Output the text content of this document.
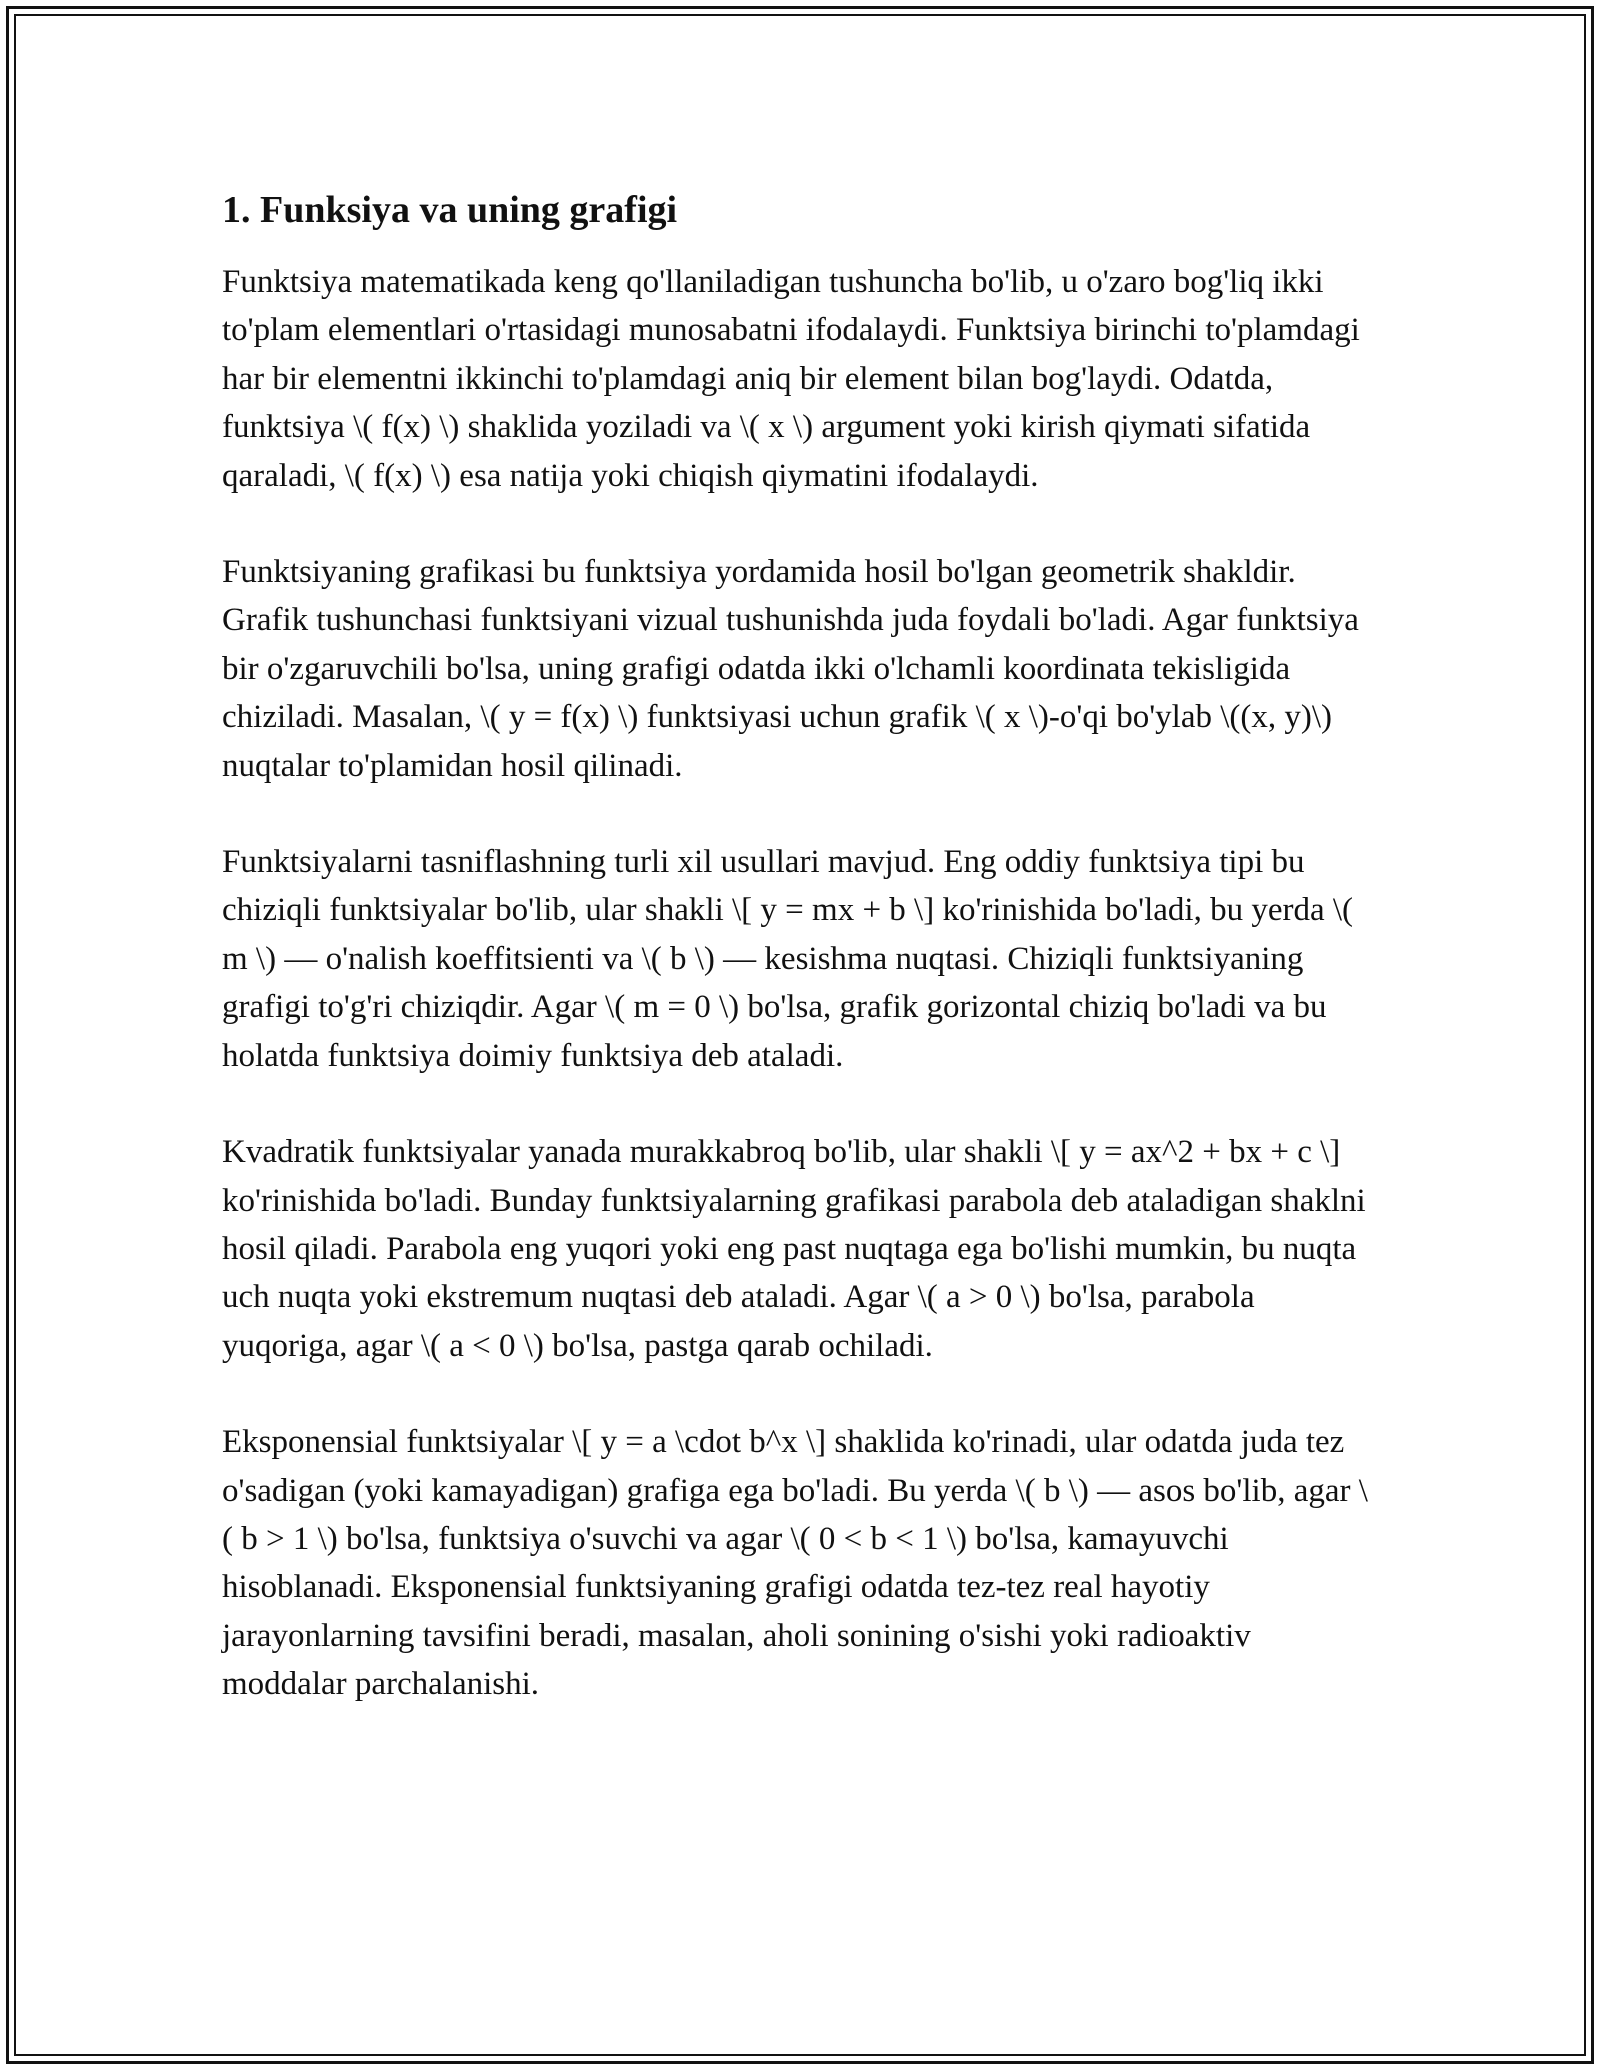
1. Funksiya va uning grafigi

Funktsiya matematikada keng qo'llaniladigan tushuncha bo'lib, u o'zaro bog'liq ikki to'plam elementlari o'rtasidagi munosabatni ifodalaydi. Funktsiya birinchi to'plamdagi har bir elementni ikkinchi to'plamdagi aniq bir element bilan bog'laydi. Odatda, funktsiya \( f(x) \) shaklida yoziladi va \( x \) argument yoki kirish qiymati sifatida qaraladi, \( f(x) \) esa natija yoki chiqish qiymatini ifodalaydi.

Funktsiyaning grafikasi bu funktsiya yordamida hosil bo'lgan geometrik shakldir. Grafik tushunchasi funktsiyani vizual tushunishda juda foydali bo'ladi. Agar funktsiya bir o'zgaruvchili bo'lsa, uning grafigi odatda ikki o'lchamli koordinata tekisligida chiziladi. Masalan, \( y = f(x) \) funktsiyasi uchun grafik \( x \)-o'qi bo'ylab \((x, y)\) nuqtalar to'plamidan hosil qilinadi.

Funktsiyalarni tasniflashning turli xil usullari mavjud. Eng oddiy funktsiya tipi bu chiziqli funktsiyalar bo'lib, ular shakli \[ y = mx + b \] ko'rinishida bo'ladi, bu yerda \( m \) — o'nalish koeffitsienti va \( b \) — kesishma nuqtasi. Chiziqli funktsiyaning grafigi to'g'ri chiziqdir. Agar \( m = 0 \) bo'lsa, grafik gorizontal chiziq bo'ladi va bu holatda funktsiya doimiy funktsiya deb ataladi.

Kvadratik funktsiyalar yanada murakkabroq bo'lib, ular shakli \[ y = ax^2 + bx + c \] ko'rinishida bo'ladi. Bunday funktsiyalarning grafikasi parabola deb ataladigan shaklni hosil qiladi. Parabola eng yuqori yoki eng past nuqtaga ega bo'lishi mumkin, bu nuqta uch nuqta yoki ekstremum nuqtasi deb ataladi. Agar \( a > 0 \) bo'lsa, parabola yuqoriga, agar \( a < 0 \) bo'lsa, pastga qarab ochiladi.

Eksponensial funktsiyalar \[ y = a \cdot b^x \] shaklida ko'rinadi, ular odatda juda tez o'sadigan (yoki kamayadigan) grafiga ega bo'ladi. Bu yerda \( b \) — asos bo'lib, agar \( b > 1 \) bo'lsa, funktsiya o'suvchi va agar \( 0 < b < 1 \) bo'lsa, kamayuvchi hisoblanadi. Eksponensial funktsiyaning grafigi odatda tez-tez real hayotiy jarayonlarning tavsifini beradi, masalan, aholi sonining o'sishi yoki radioaktiv moddalar parchalanishi.
